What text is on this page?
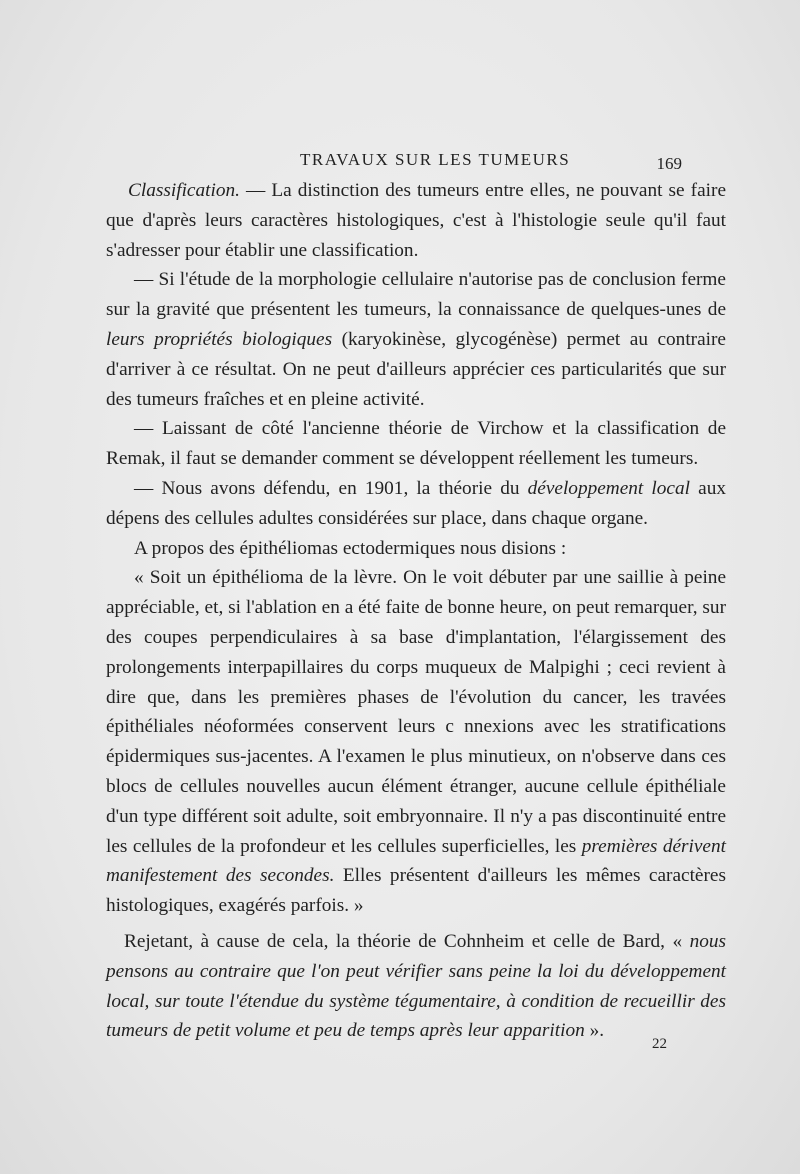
TRAVAUX SUR LES TUMEURS	169

Classification. — La distinction des tumeurs entre elles, ne pouvant se faire que d'après leurs caractères histologiques, c'est à l'histologie seule qu'il faut s'adresser pour établir une classification.

— Si l'étude de la morphologie cellulaire n'autorise pas de conclusion ferme sur la gravité que présentent les tumeurs, la connaissance de quelques-unes de leurs propriétés biologiques (karyokinèse, glycogénèse) permet au contraire d'arriver à ce résultat. On ne peut d'ailleurs apprécier ces particularités que sur des tumeurs fraîches et en pleine activité.

— Laissant de côté l'ancienne théorie de Virchow et la classification de Remak, il faut se demander comment se développent réellement les tumeurs.

— Nous avons défendu, en 1901, la théorie du développement local aux dépens des cellules adultes considérées sur place, dans chaque organe.

A propos des épithéliomas ectodermiques nous disions :

« Soit un épithélioma de la lèvre. On le voit débuter par une saillie à peine appréciable, et, si l'ablation en a été faite de bonne heure, on peut remarquer, sur des coupes perpendiculaires à sa base d'implantation, l'élargissement des prolongements interpapillaires du corps muqueux de Malpighi ; ceci revient à dire que, dans les premières phases de l'évolution du cancer, les travées épithéliales néoformées conservent leurs c nnexions avec les stratifications épidermiques sus-jacentes. A l'examen le plus minutieux, on n'observe dans ces blocs de cellules nouvelles aucun élément étranger, aucune cellule épithéliale d'un type différent soit adulte, soit embryonnaire. Il n'y a pas discontinuité entre les cellules de la profondeur et les cellules superficielles, les premières dérivent manifestement des secondes. Elles présentent d'ailleurs les mêmes caractères histologiques, exagérés parfois. »

Rejetant, à cause de cela, la théorie de Cohnheim et celle de Bard, « nous pensons au contraire que l'on peut vérifier sans peine la loi du développement local, sur toute l'étendue du système tégumentaire, à condition de recueillir des tumeurs de petit volume et peu de temps après leur apparition ».

22
